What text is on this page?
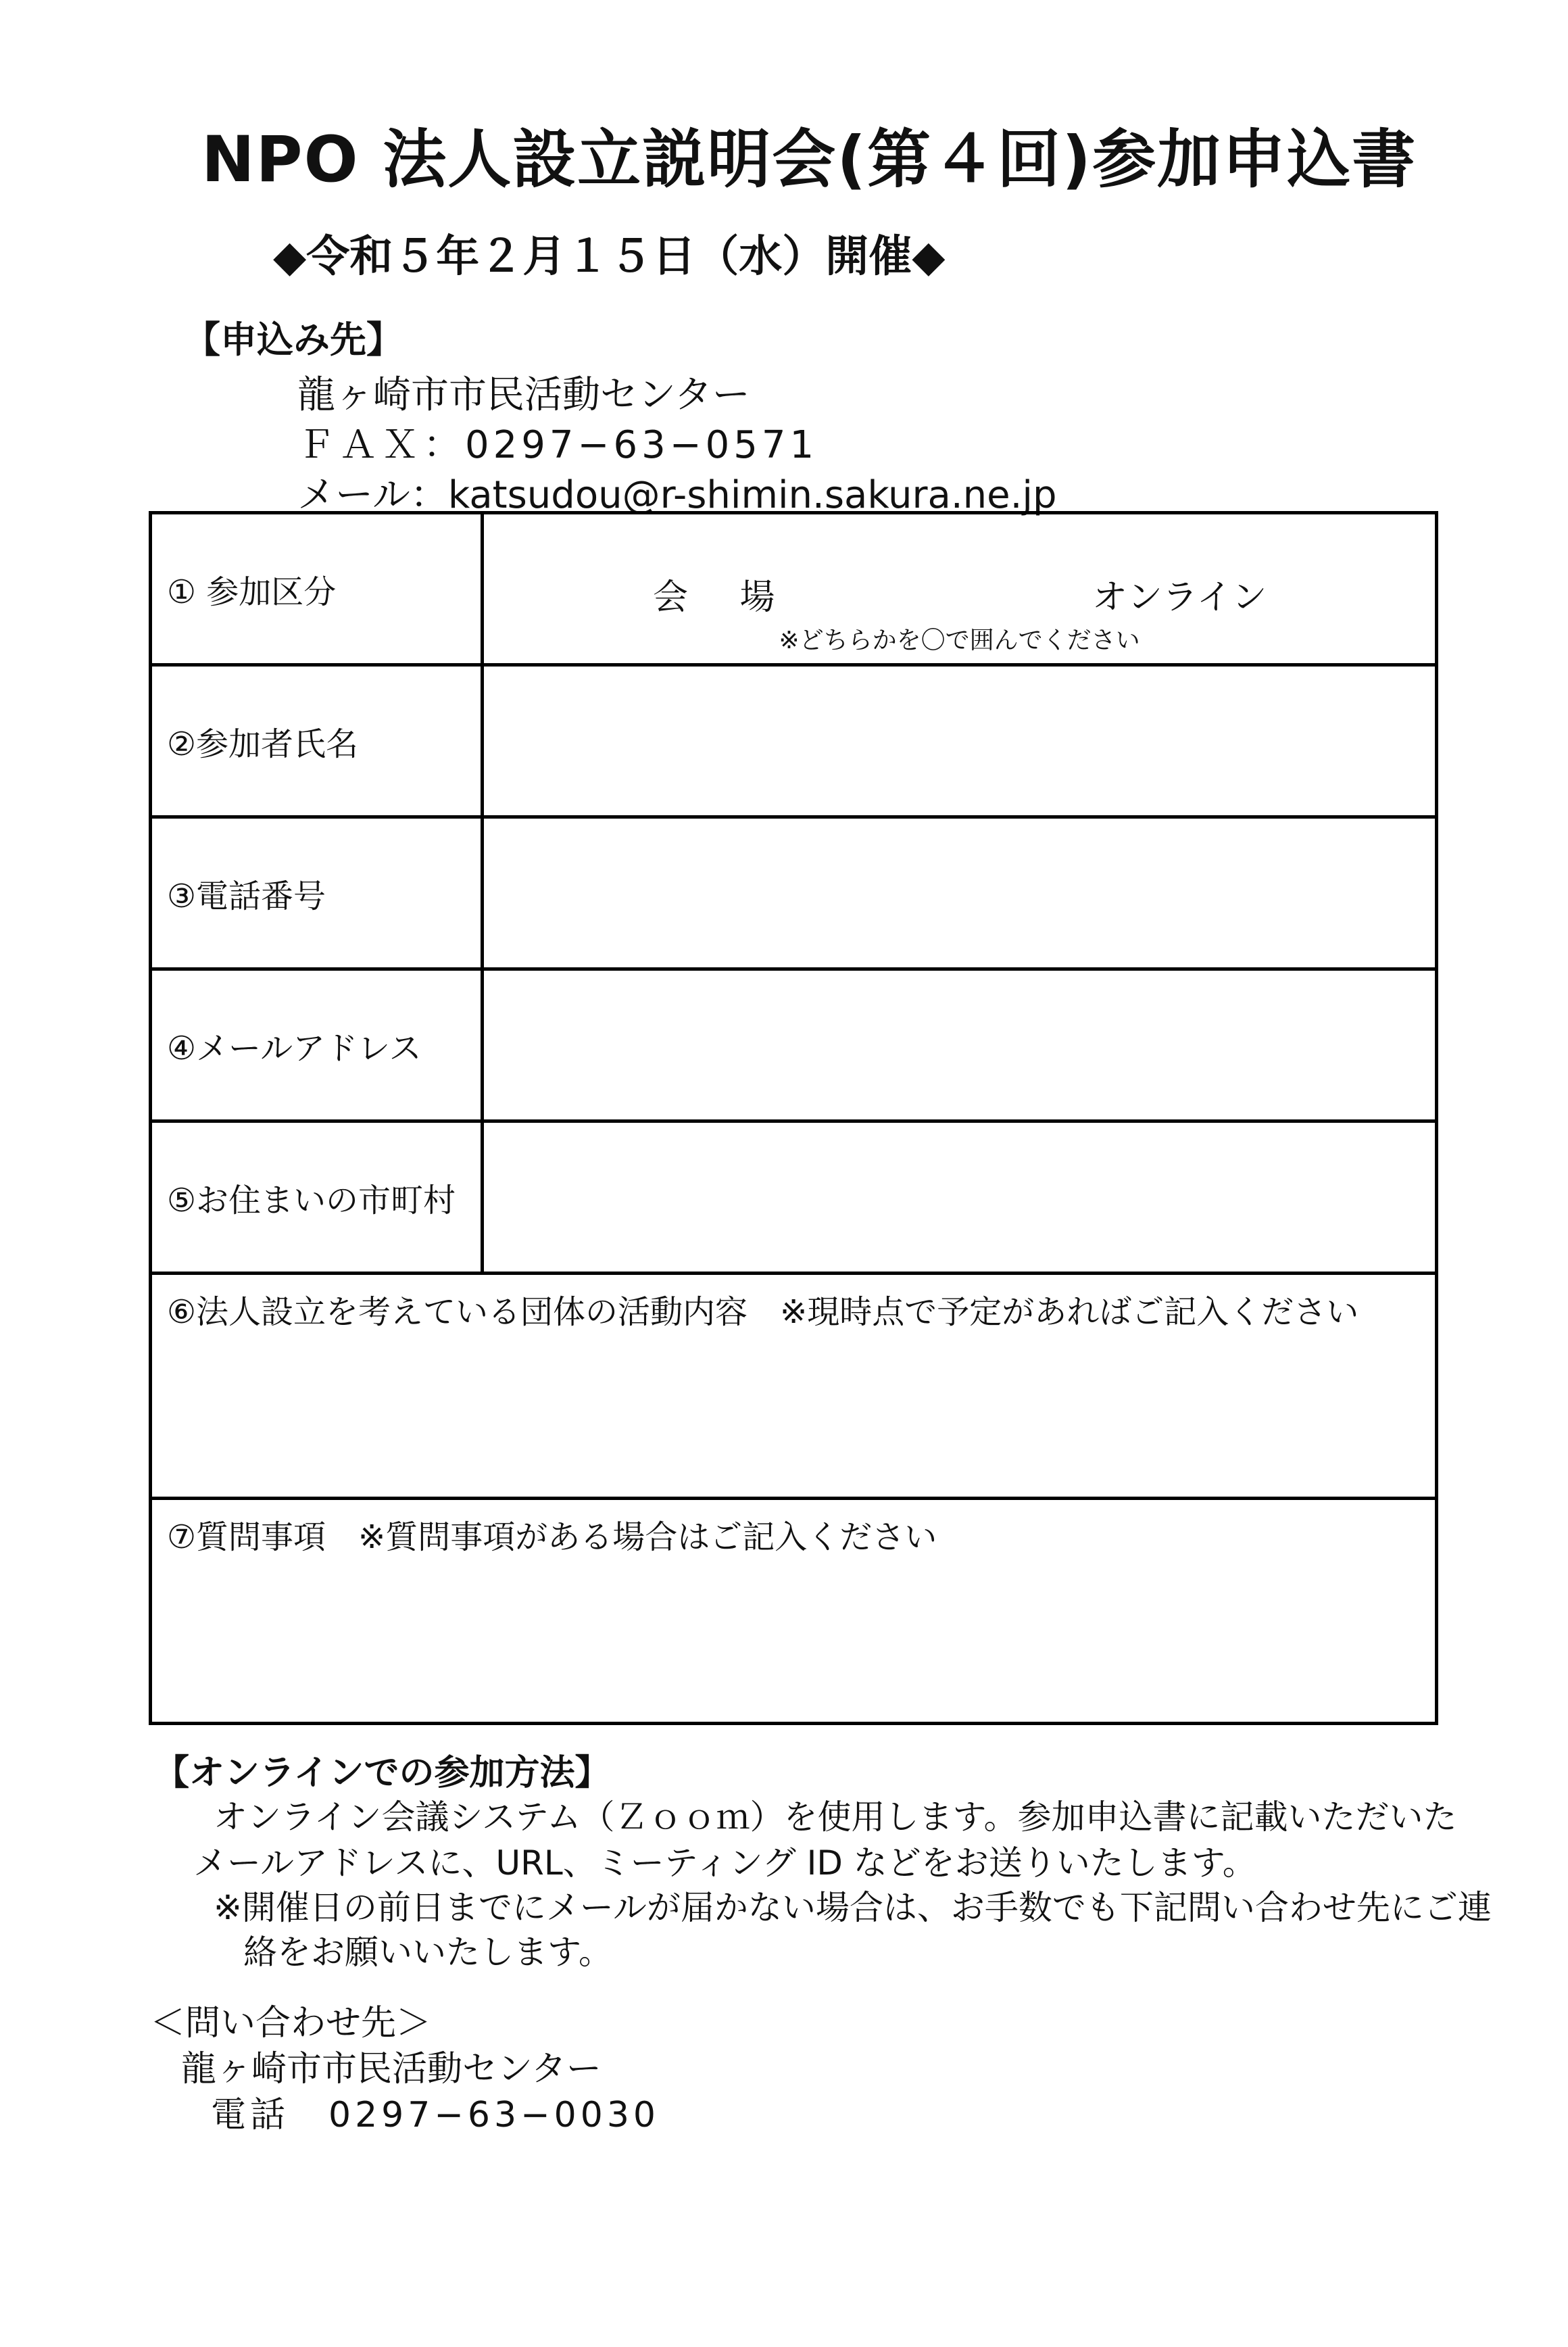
NPO 法人設立説明会(第４回)参加申込書
◆令和５年２月１５日（水）開催◆
【申込み先】
龍ヶ崎市市民活動センター
ＦＡＸ：0297−63−0571
メール：katsudou@r-shimin.sakura.ne.jp
① 参加区分	会 場 オンライン
※どちらかを〇で囲んでください

②参加者氏名	
③電話番号	
④メールアドレス	
⑤お住まいの市町村	
⑥法人設立を考えている団体の活動内容　※現時点で予定があればご記入ください	
⑦質問事項　※質問事項がある場合はご記入ください	
【オンラインでの参加方法】
オンライン会議システム（Ｚｏｏｍ）を使用します。参加申込書に記載いただいた
メールアドレスに、URL、ミーティング ID などをお送りいたします。
※開催日の前日までにメールが届かない場合は、お手数でも下記問い合わせ先にご連
絡をお願いいたします。
＜問い合わせ先＞
龍ヶ崎市市民活動センター
電話　0297−63−0030
